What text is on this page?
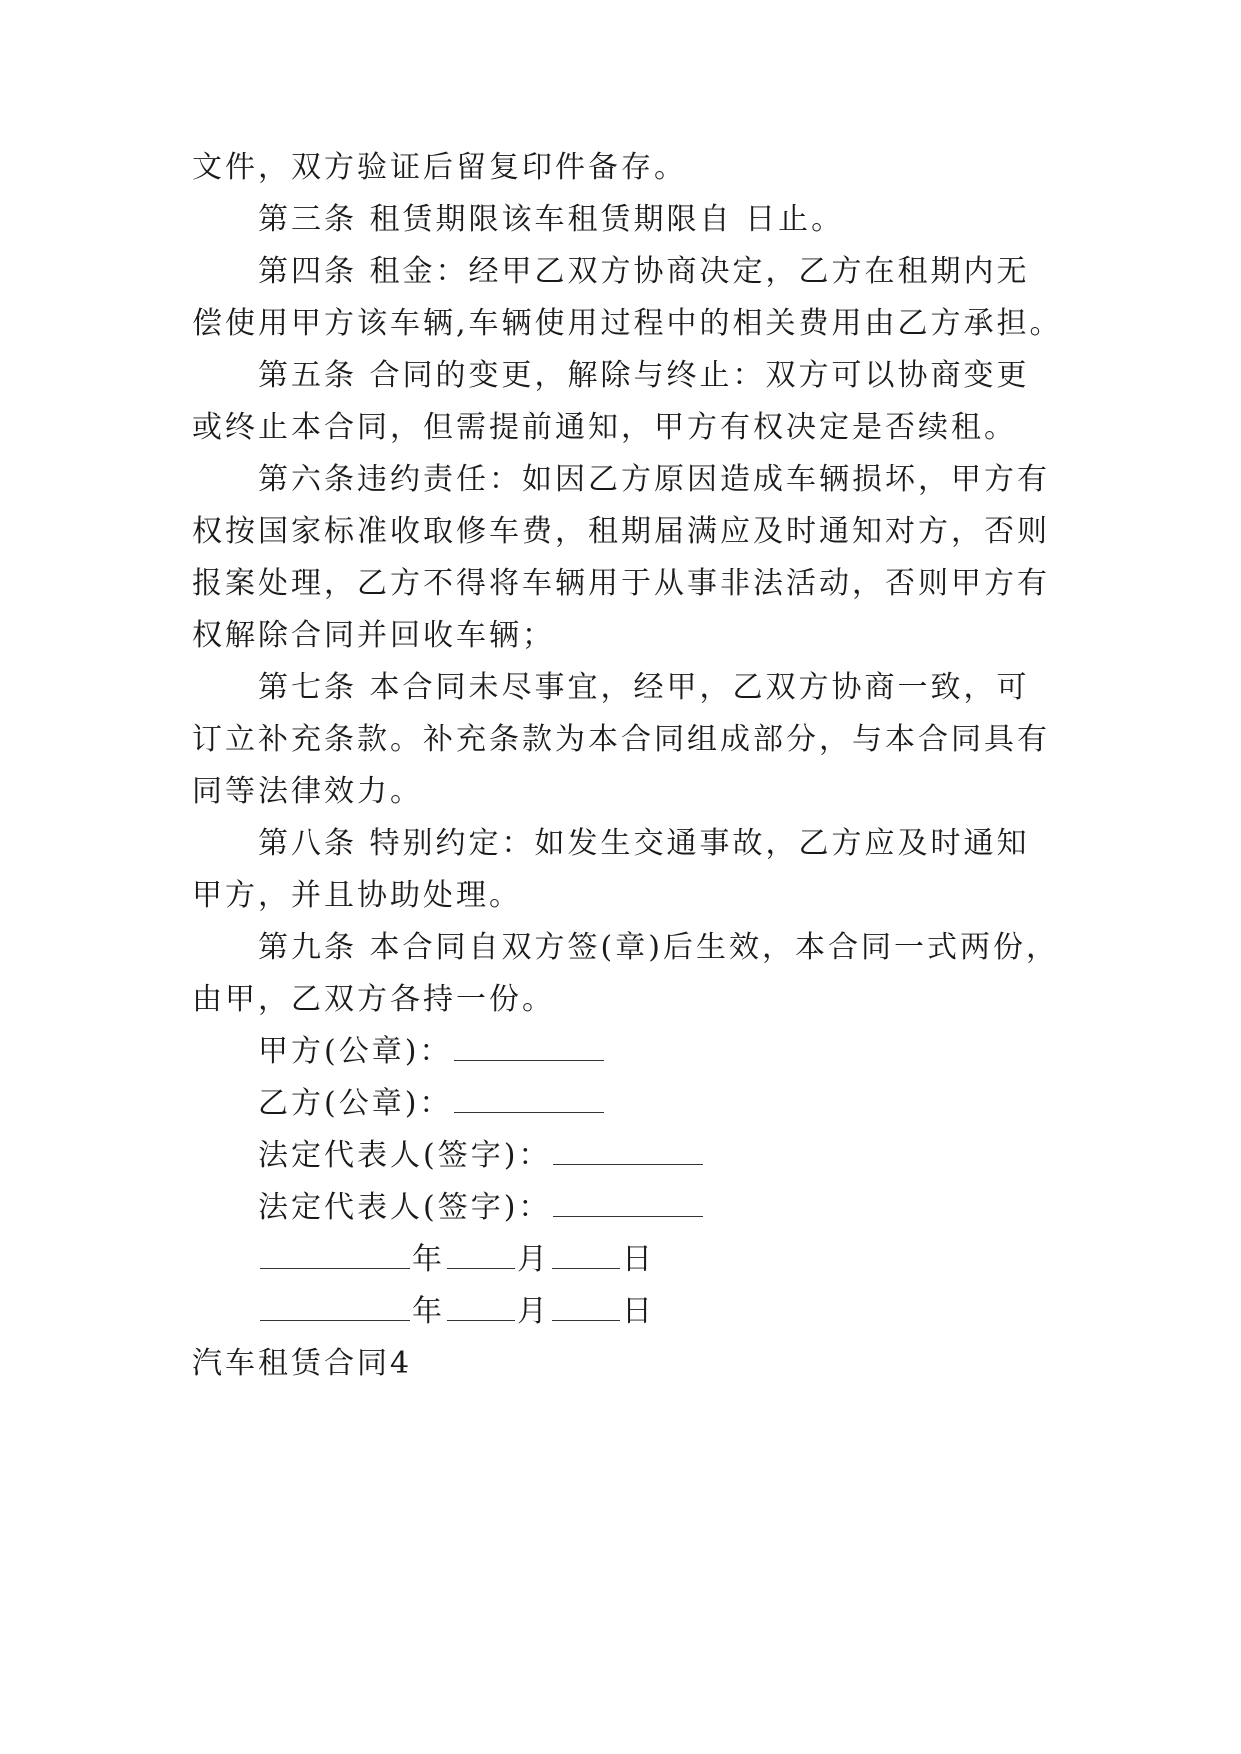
文件，双方验证后留复印件备存。
第三条 租赁期限该车租赁期限自 日止。
第四条 租金：经甲乙双方协商决定，乙方在租期内无
偿使用甲方该车辆,车辆使用过程中的相关费用由乙方承担。
第五条 合同的变更，解除与终止：双方可以协商变更
或终止本合同，但需提前通知，甲方有权决定是否续租。
第六条违约责任：如因乙方原因造成车辆损坏，甲方有
权按国家标准收取修车费，租期届满应及时通知对方，否则
报案处理，乙方不得将车辆用于从事非法活动，否则甲方有
权解除合同并回收车辆；
第七条 本合同未尽事宜，经甲，乙双方协商一致，可
订立补充条款。补充条款为本合同组成部分，与本合同具有
同等法律效力。
第八条 特别约定：如发生交通事故，乙方应及时通知
甲方，并且协助处理。
第九条 本合同自双方签(章)后生效，本合同一式两份，
由甲，乙双方各持一份。
甲方(公章)：
乙方(公章)：
法定代表人(签字)：
法定代表人(签字)：
年 月 日
年 月 日
汽车租赁合同4
